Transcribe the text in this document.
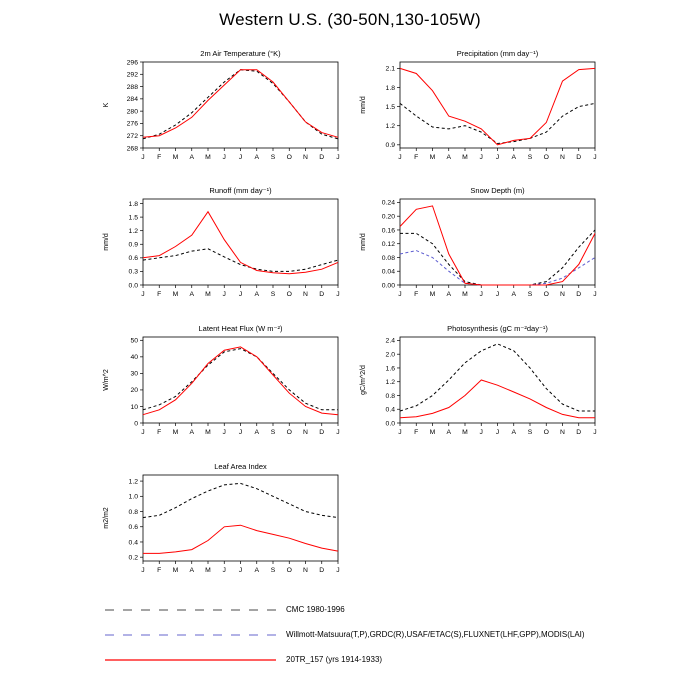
Western U.S. (30-50N,130-105W)
2m Air Temperature (°K)
268
272
276
280
284
288
292
296
J F M A M J J A S O N D J
K
Precipitation (mm day⁻¹)
0.9
1.2
1.5
1.8
2.1
J F M A M J J A S O N D J
mm/d
Runoff (mm day⁻¹)
0.0
0.3
0.6
0.9
1.2
1.5
1.8
J F M A M J J A S O N D J
mm/d
Snow Depth (m)
0.00
0.04
0.08
0.12
0.16
0.20
0.24
J F M A M J J A S O N D J
mm/d
Latent Heat Flux (W m⁻²)
0
10
20
30
40
50
J F M A M J J A S O N D J
W/m^2
Photosynthesis (gC m⁻²day⁻¹)
0.0
0.4
0.8
1.2
1.6
2.0
2.4
J F M A M J J A S O N D J
gC/m^2/d
Leaf Area Index
0.2
0.4
0.6
0.8
1.0
1.2
J F M A M J J A S O N D J
m2/m2
CMC 1980-1996
Willmott-Matsuura(T,P),GRDC(R),USAF/ETAC(S),FLUXNET(LHF,GPP),MODIS(LAI)
20TR_157 (yrs 1914-1933)
